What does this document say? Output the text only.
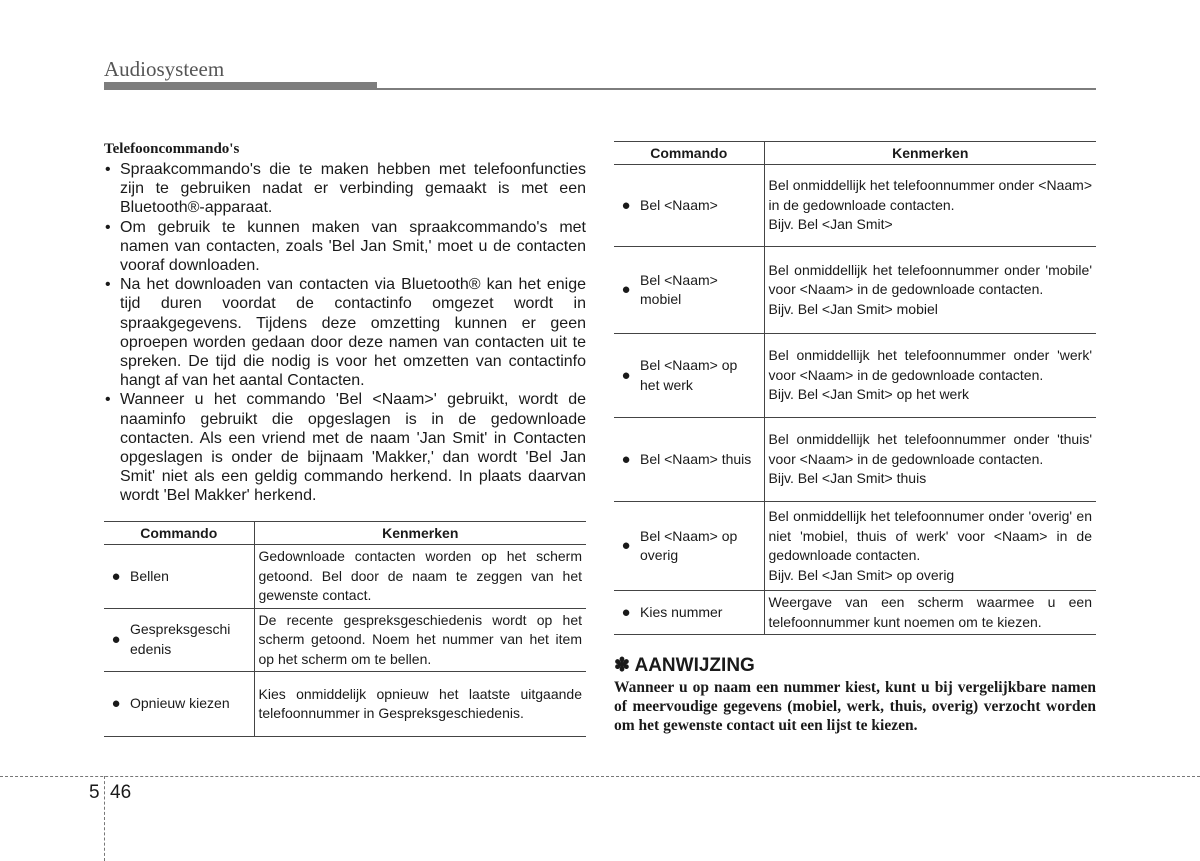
Audiosysteem
Telefooncommando's
• Spraakcommando's die te maken hebben met telefoonfuncties zijn te gebruiken nadat er verbinding gemaakt is met een Bluetooth®-apparaat.
• Om gebruik te kunnen maken van spraakcommando's met namen van contacten, zoals 'Bel Jan Smit,' moet u de contacten vooraf downloaden.
• Na het downloaden van contacten via Bluetooth® kan het enige tijd duren voordat de contactinfo omgezet wordt in spraakgegevens. Tijdens deze omzetting kunnen er geen oproepen worden gedaan door deze namen van contacten uit te spreken. De tijd die nodig is voor het omzetten van contactinfo hangt af van het aantal Contacten.
• Wanneer u het commando 'Bel <Naam>' gebruikt, wordt de naaminfo gebruikt die opgeslagen is in de gedownloade contacten. Als een vriend met de naam 'Jan Smit' in Contacten opgeslagen is onder de bijnaam 'Makker,' dan wordt 'Bel Jan Smit' niet als een geldig commando herkend. In plaats daarvan wordt 'Bel Makker' herkend.
Commando		Kenmerken
●	Bellen	Gedownloade contacten worden op het scherm getoond. Bel door de naam te zeggen van het gewenste contact.

●	Gespreksgeschi edenis	De recente gespreksgeschiedenis wordt op het scherm getoond. Noem het nummer van het item op het scherm om te bellen.

●	Opnieuw kiezen	Kies onmiddelijk opnieuw het laatste uitgaande telefoonnummer in Gespreksgeschiedenis.
Commando		Kenmerken
●	Bel <Naam>	Bel onmiddellijk het telefoonnummer onder <Naam> in de gedownloade contacten.
Bijv. Bel <Jan Smit>

●	Bel <Naam> mobiel	Bel onmiddellijk het telefoonnummer onder 'mobile' voor <Naam> in de gedownloade contacten.
Bijv. Bel <Jan Smit> mobiel

●	Bel <Naam> op het werk	Bel onmiddellijk het telefoonnummer onder 'werk' voor <Naam> in de gedownloade contacten.
Bijv. Bel <Jan Smit> op het werk

●	Bel <Naam> thuis	Bel onmiddellijk het telefoonnummer onder 'thuis' voor <Naam> in de gedownloade contacten.
Bijv. Bel <Jan Smit> thuis

●	Bel <Naam> op overig	Bel onmiddellijk het telefoonnumer onder 'overig' en niet 'mobiel, thuis of werk' voor <Naam> in de gedownloade contacten.
Bijv. Bel <Jan Smit> op overig

●	Kies nummer	Weergave van een scherm waarmee u een telefoonnummer kunt noemen om te kiezen.
✽ AANWIJZING

Wanneer u op naam een nummer kiest, kunt u bij vergelijkbare namen of meervoudige gegevens (mobiel, werk, thuis, overig) verzocht worden om het gewenste contact uit een lijst te kiezen.

5 46
